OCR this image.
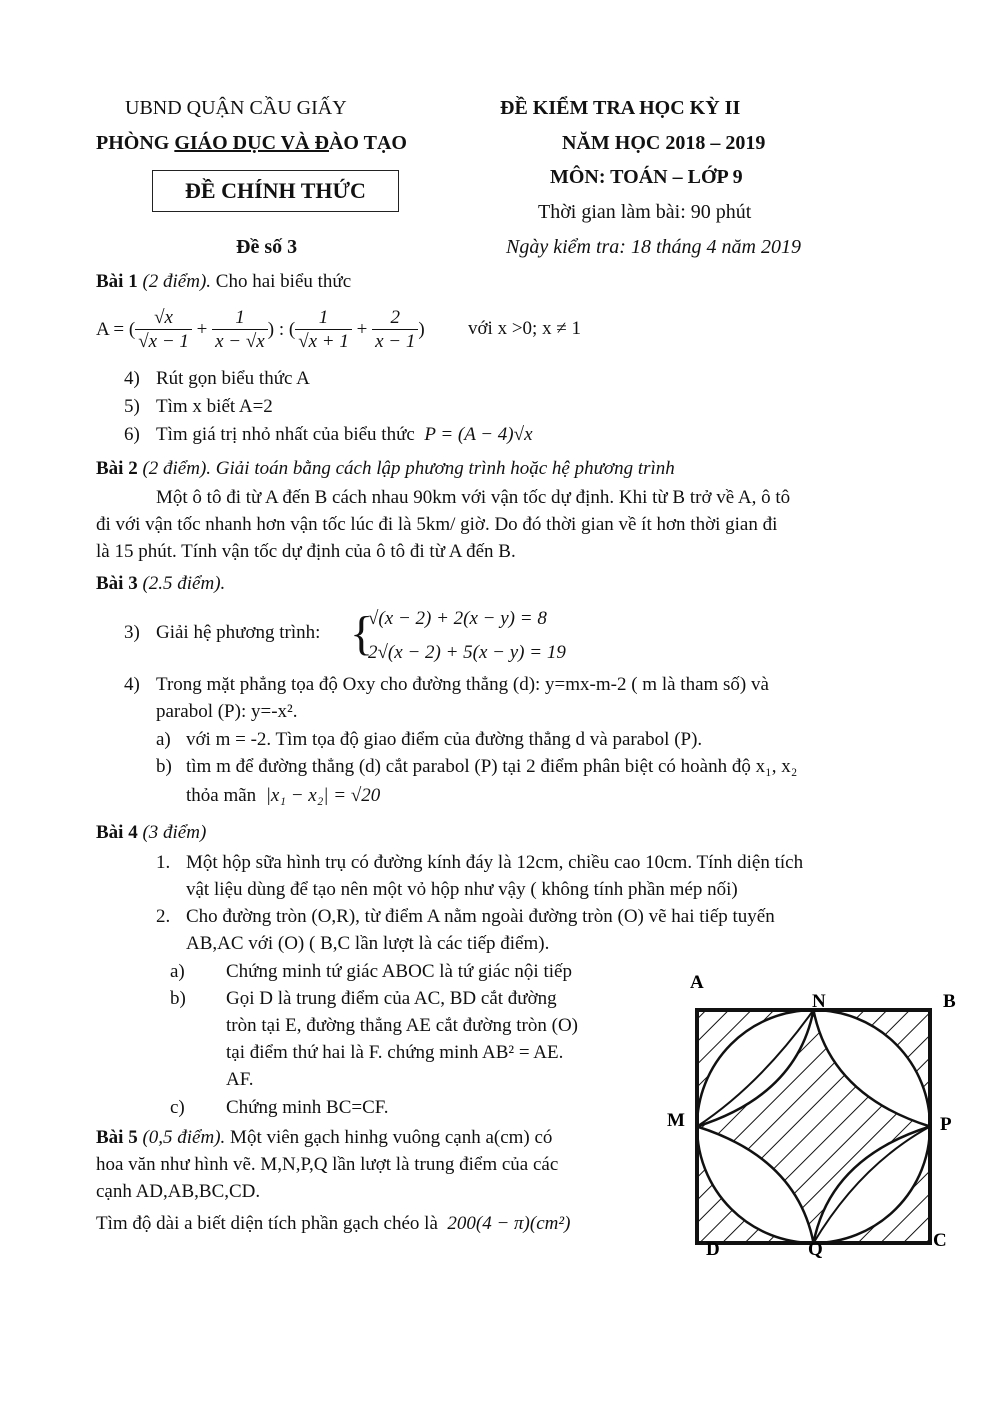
UBND QUẬN CẦU GIẤY
PHÒNG GIÁO DỤC VÀ ĐÀO TẠO
ĐỀ CHÍNH THỨC
Đề số 3
ĐỀ KIỂM TRA HỌC KỲ II
NĂM HỌC 2018 – 2019
MÔN: TOÁN – LỚP 9
Thời gian làm bài: 90 phút
Ngày kiểm tra: 18 tháng 4 năm 2019
Bài 1 (2 điểm). Cho hai biểu thức
A = ( $\frac{√x}{√x - 1} + \frac{1}{x - √x}$ ) : ( $\frac{1}{√x + 1} + \frac{2}{x - 1}$ ) với x >0; x ≠ 1
4) Rút gọn biểu thức A
5) Tìm x biết A=2
6) Tìm giá trị nhỏ nhất của biểu thức P = (A − 4)√x
Bài 2 (2 điểm). Giải toán bằng cách lập phương trình hoặc hệ phương trình
Một ô tô đi từ A đến B cách nhau 90km với vận tốc dự định. Khi từ B trở về A, ô tô
đi với vận tốc nhanh hơn vận tốc lúc đi là 5km/ giờ. Do đó thời gian về ít hơn thời gian đi
là 15 phút. Tính vận tốc dự định của ô tô đi từ A đến B.
Bài 3 (2.5 điểm).
3) Giải hệ phương trình: {
√(x − 2) + 2(x − y) = 8
2√(x − 2) + 5(x − y) = 19
4) Trong mặt phẳng tọa độ Oxy cho đường thẳng (d): y=mx-m-2 ( m là tham số) và
parabol (P): y=-x².
a) với m = -2. Tìm tọa độ giao điểm của đường thẳng d và parabol (P).
b) tìm m để đường thẳng (d) cắt parabol (P) tại 2 điểm phân biệt có hoành độ x₁, x₂
thỏa mãn |x₁ − x₂| = √20
Bài 4 (3 điểm)
1. Một hộp sữa hình trụ có đường kính đáy là 12cm, chiều cao 10cm. Tính diện tích
vật liệu dùng để tạo nên một vỏ hộp như vậy ( không tính phần mép nối)
2. Cho đường tròn (O,R), từ điểm A nằm ngoài đường tròn (O) vẽ hai tiếp tuyến
AB,AC với (O) ( B,C lần lượt là các tiếp điểm).
a) Chứng minh tứ giác ABOC là tứ giác nội tiếp
b) Gọi D là trung điểm của AC, BD cắt đường
tròn tại E, đường thẳng AE cắt đường tròn (O)
tại điểm thứ hai là F. chứng minh AB² = AE.
AF.
c) Chứng minh BC=CF.
Bài 5 (0,5 điểm). Một viên gạch hinhg vuông cạnh a(cm) có
hoa văn như hình vẽ. M,N,P,Q lần lượt là trung điểm của các
cạnh AD,AB,BC,CD.
Tìm độ dài a biết diện tích phần gạch chéo là 200(4 − π)(cm²)
A
B
C
D
M
N
P
Q
